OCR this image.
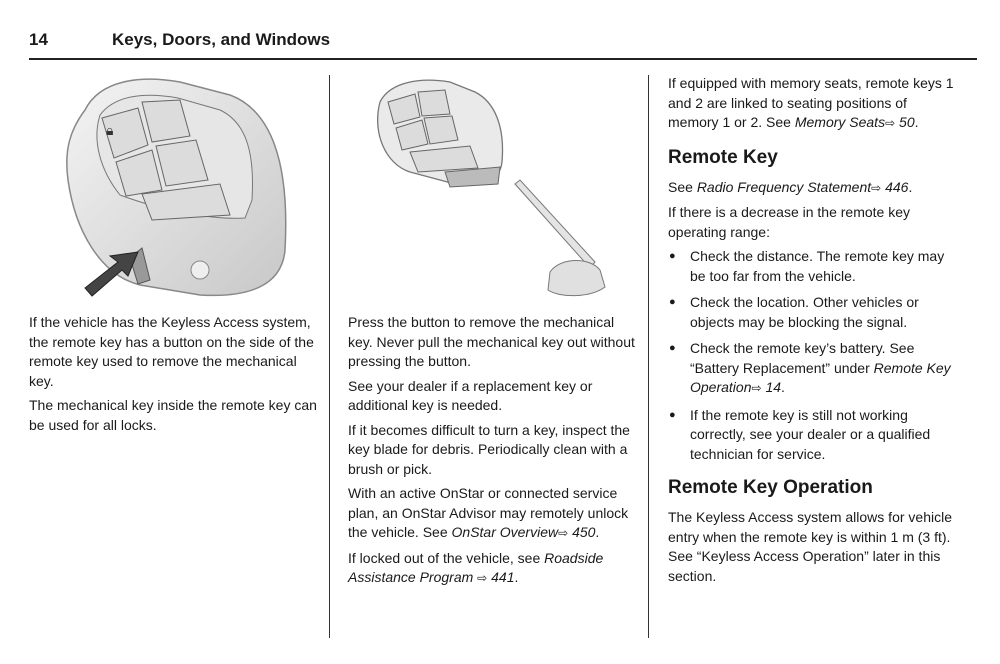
14	Keys, Doors, and Windows
🔒︎

If the vehicle has the Keyless Access system, the remote key has a button on the side of the remote key used to remove the mechanical key.

The mechanical key inside the remote key can be used for all locks.

Press the button to remove the mechanical key. Never pull the mechanical key out without pressing the button.

See your dealer if a replacement key or additional key is needed.

If it becomes difficult to turn a key, inspect the key blade for debris. Periodically clean with a brush or pick.

With an active OnStar or connected service plan, an OnStar Advisor may remotely unlock the vehicle. See OnStar Overview⇨ 450.

If locked out of the vehicle, see Roadside Assistance Program ⇨ 441.

If equipped with memory seats, remote keys 1 and 2 are linked to seating positions of memory 1 or 2. See Memory Seats⇨ 50.

Remote Key

See Radio Frequency Statement⇨ 446.

If there is a decrease in the remote key operating range:

● Check the distance. The remote key may be too far from the vehicle.
● Check the location. Other vehicles or objects may be blocking the signal.
● Check the remote key’s battery. See “Battery Replacement” under Remote Key Operation⇨ 14.
● If the remote key is still not working correctly, see your dealer or a qualified technician for service.
Remote Key Operation

The Keyless Access system allows for vehicle entry when the remote key is within 1 m (3 ft). See “Keyless Access Operation” later in this section.
